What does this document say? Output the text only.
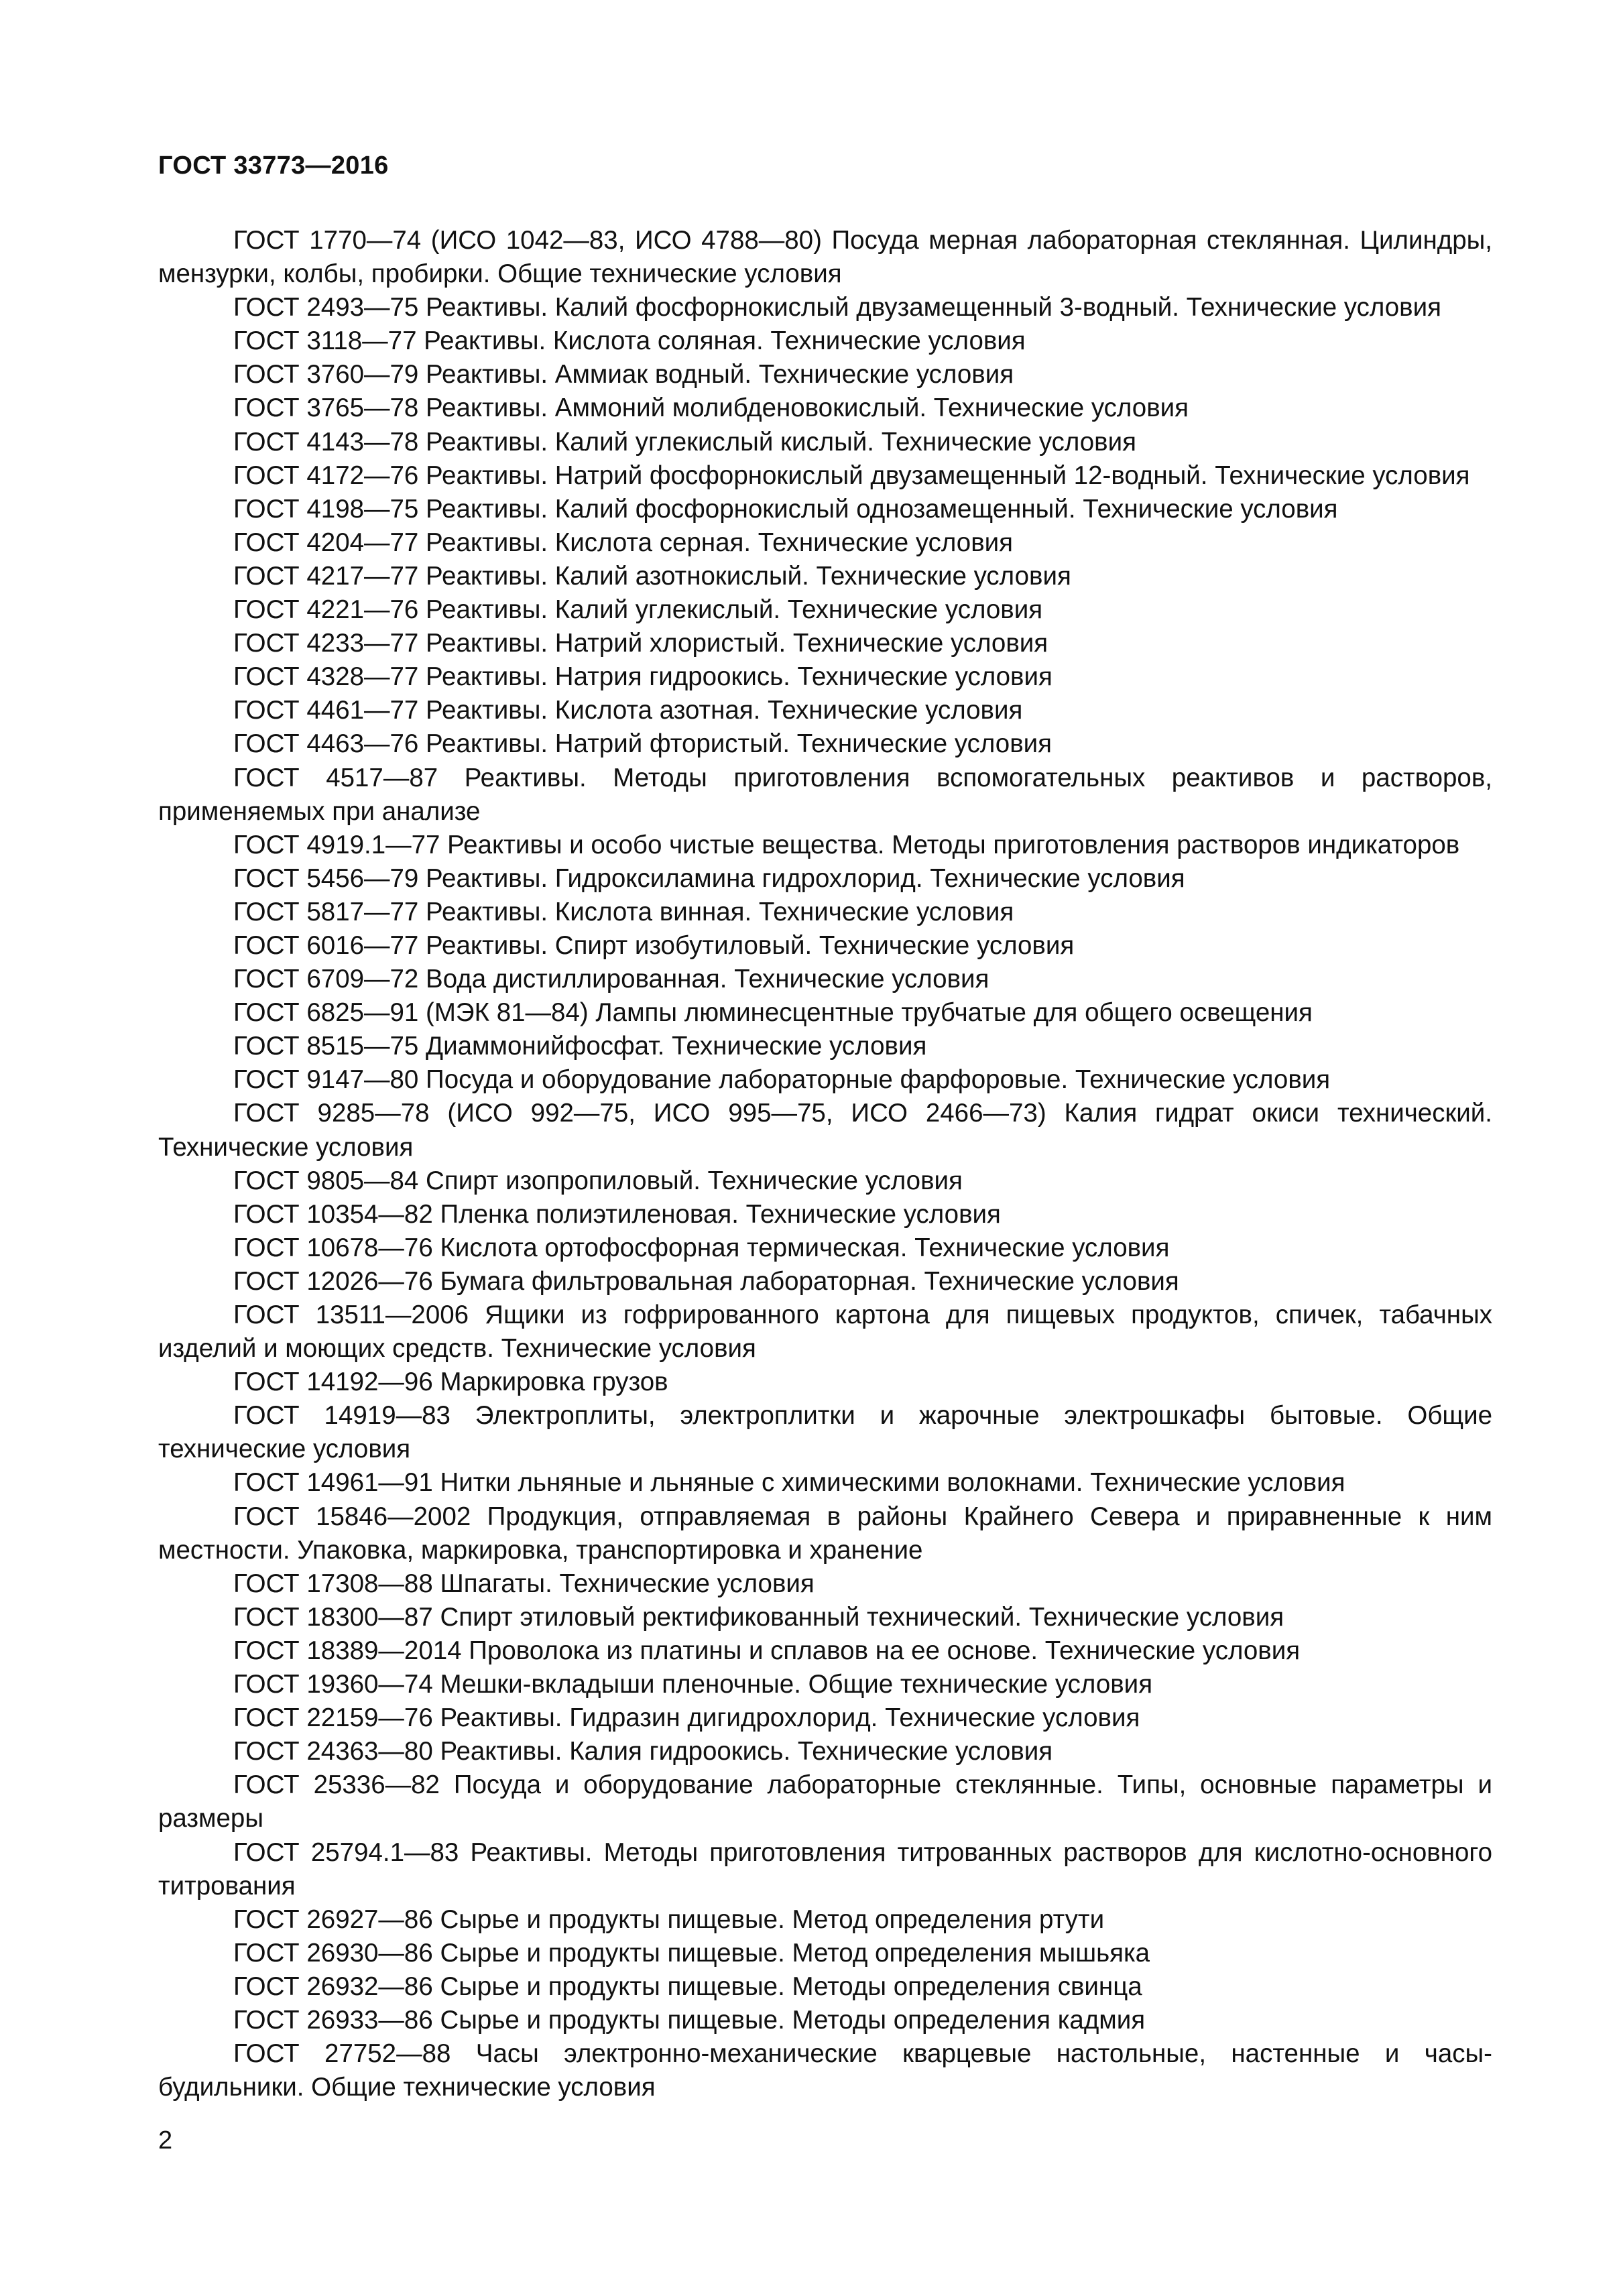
ГОСТ 33773—2016
ГОСТ 1770—74 (ИСО 1042—83, ИСО 4788—80) Посуда мерная лабораторная стеклянная. Цилиндры, мензурки, колбы, пробирки. Общие технические условия
ГОСТ 2493—75 Реактивы. Калий фосфорнокислый двузамещенный 3-водный. Технические условия
ГОСТ 3118—77 Реактивы. Кислота соляная. Технические условия
ГОСТ 3760—79 Реактивы. Аммиак водный. Технические условия
ГОСТ 3765—78 Реактивы. Аммоний молибденовокислый. Технические условия
ГОСТ 4143—78 Реактивы. Калий углекислый кислый. Технические условия
ГОСТ 4172—76 Реактивы. Натрий фосфорнокислый двузамещенный 12-водный. Технические условия
ГОСТ 4198—75 Реактивы. Калий фосфорнокислый однозамещенный. Технические условия
ГОСТ 4204—77 Реактивы. Кислота серная. Технические условия
ГОСТ 4217—77 Реактивы. Калий азотнокислый. Технические условия
ГОСТ 4221—76 Реактивы. Калий углекислый. Технические условия
ГОСТ 4233—77 Реактивы. Натрий хлористый. Технические условия
ГОСТ 4328—77 Реактивы. Натрия гидроокись. Технические условия
ГОСТ 4461—77 Реактивы. Кислота азотная. Технические условия
ГОСТ 4463—76 Реактивы. Натрий фтористый. Технические условия
ГОСТ 4517—87 Реактивы. Методы приготовления вспомогательных реактивов и растворов, применяемых при анализе
ГОСТ 4919.1—77 Реактивы и особо чистые вещества. Методы приготовления растворов индикаторов
ГОСТ 5456—79 Реактивы. Гидроксиламина гидрохлорид. Технические условия
ГОСТ 5817—77 Реактивы. Кислота винная. Технические условия
ГОСТ 6016—77 Реактивы. Спирт изобутиловый. Технические условия
ГОСТ 6709—72 Вода дистиллированная. Технические условия
ГОСТ 6825—91 (МЭК 81—84) Лампы люминесцентные трубчатые для общего освещения
ГОСТ 8515—75 Диаммонийфосфат. Технические условия
ГОСТ 9147—80 Посуда и оборудование лабораторные фарфоровые. Технические условия
ГОСТ 9285—78 (ИСО 992—75, ИСО 995—75, ИСО 2466—73) Калия гидрат окиси технический. Технические условия
ГОСТ 9805—84 Спирт изопропиловый. Технические условия
ГОСТ 10354—82 Пленка полиэтиленовая. Технические условия
ГОСТ 10678—76 Кислота ортофосфорная термическая. Технические условия
ГОСТ 12026—76 Бумага фильтровальная лабораторная. Технические условия
ГОСТ 13511—2006 Ящики из гофрированного картона для пищевых продуктов, спичек, табачных изделий и моющих средств. Технические условия
ГОСТ 14192—96 Маркировка грузов
ГОСТ 14919—83 Электроплиты, электроплитки и жарочные электрошкафы бытовые. Общие технические условия
ГОСТ 14961—91 Нитки льняные и льняные с химическими волокнами. Технические условия
ГОСТ 15846—2002 Продукция, отправляемая в районы Крайнего Севера и приравненные к ним местности. Упаковка, маркировка, транспортировка и хранение
ГОСТ 17308—88 Шпагаты. Технические условия
ГОСТ 18300—87 Спирт этиловый ректификованный технический. Технические условия
ГОСТ 18389—2014 Проволока из платины и сплавов на ее основе. Технические условия
ГОСТ 19360—74 Мешки-вкладыши пленочные. Общие технические условия
ГОСТ 22159—76 Реактивы. Гидразин дигидрохлорид. Технические условия
ГОСТ 24363—80 Реактивы. Калия гидроокись. Технические условия
ГОСТ 25336—82 Посуда и оборудование лабораторные стеклянные. Типы, основные параметры и размеры
ГОСТ 25794.1—83 Реактивы. Методы приготовления титрованных растворов для кислотно-основного титрования
ГОСТ 26927—86 Сырье и продукты пищевые. Метод определения ртути
ГОСТ 26930—86 Сырье и продукты пищевые. Метод определения мышьяка
ГОСТ 26932—86 Сырье и продукты пищевые. Методы определения свинца
ГОСТ 26933—86 Сырье и продукты пищевые. Методы определения кадмия
ГОСТ 27752—88 Часы электронно-механические кварцевые настольные, настенные и часы-будильники. Общие технические условия
2
